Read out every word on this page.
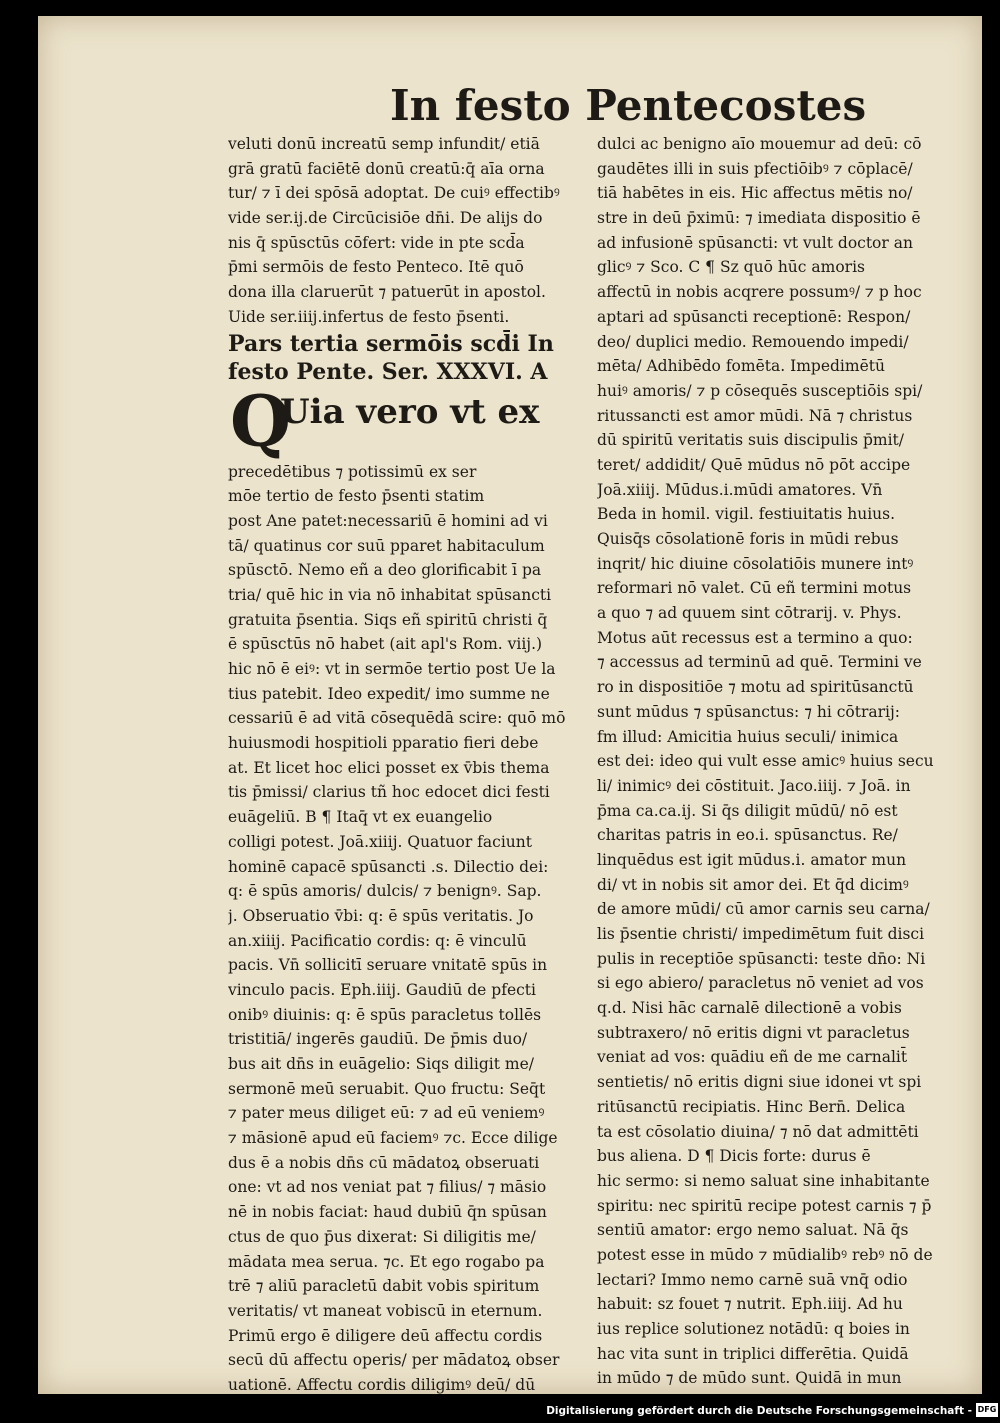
In festo Pentecostes
veluti donū increatū semp infundit/ etiā
grā gratū faciētē donū creatū:q̄ aīa orna
tur/ ⁊ ī dei spōsā adoptat. De cuiꝰ effectibꝰ
vide ser.ij.de Circūcisiōe dn̄i. De alijs do
nis q̄ spūsctūs cōfert: vide in pte scd̄a
p̄mi sermōis de festo Penteco. Itē quō
dona illa claruerūt ⁊ patuerūt in apostol.
Uide ser.iiij.infertus de festo p̄senti.
Pars tertia sermōis scd̄i In
festo Pente. Ser. XXXVI. A
Q
Uia vero vt ex
precedētibus ⁊ potissimū ex ser
mōe tertio de festo p̄senti statim
post Ane patet:necessariū ē homini ad vi
tā/ quatinus cor suū pparet habitaculum
spūsctō. Nemo eñ a deo glorificabit ī pa
tria/ quē hic in via nō inhabitat spūsancti
gratuita p̄sentia. Siqs eñ spiritū christi q̄
ē spūsctūs nō habet (ait apl's Rom. viij.)
hic nō ē eiꝰ: vt in sermōe tertio post Ue la
tius patebit. Ideo expedit/ imo summe ne
cessariū ē ad vitā cōsequēdā scire: quō mō
huiusmodi hospitioli pparatio fieri debe
at. Et licet hoc elici posset ex v̄bis thema
tis p̄missi/ clarius tñ hoc edocet dici festi
euāgeliū. B ¶ Itaq̄ vt ex euangelio
colligi potest. Joā.xiiij. Quatuor faciunt
hominē capacē spūsancti .s. Dilectio dei:
q: ē spūs amoris/ dulcis/ ⁊ benignꝰ. Sap.
j. Obseruatio v̄bi: q: ē spūs veritatis. Jo
an.xiiij. Pacificatio cordis: q: ē vinculū
pacis. Vn̄ sollicitī seruare vnitatē spūs in
vinculo pacis. Eph.iiij. Gaudiū de pfecti
onibꝰ diuinis: q: ē spūs paracletus tollēs
tristitiā/ ingerēs gaudiū. De p̄mis duo/
bus ait dn̄s in euāgelio: Siqs diligit me/
sermonē meū seruabit. Quo fructu: Seq̄t
⁊ pater meus diliget eū: ⁊ ad eū veniemꝰ
⁊ māsionē apud eū faciemꝰ ⁊c. Ecce dilige
dus ē a nobis dn̄s cū mādatoꝝ obseruati
one: vt ad nos veniat pat ⁊ filius/ ⁊ māsio
nē in nobis faciat: haud dubiū q̄n spūsan
ctus de quo p̄us dixerat: Si diligitis me/
mādata mea serua. ⁊c. Et ego rogabo pa
trē ⁊ aliū paracletū dabit vobis spiritum
veritatis/ vt maneat vobiscū in eternum.
Primū ergo ē diligere deū affectu cordis
secū dū affectu operis/ per mādatoꝝ obser
uationē. Affectu cordis diligimꝰ deū/ dū
dulci ac benigno aīo mouemur ad deū: cō
gaudētes illi in suis pfectiōibꝰ ⁊ cōplacē/
tiā habētes in eis. Hic affectus mētis no/
stre in deū p̄ximū: ⁊ imediata dispositio ē
ad infusionē spūsancti: vt vult doctor an
glicꝰ ⁊ Sco. C ¶ Sz quō hūc amoris
affectū in nobis acqrere possumꝰ/ ⁊ p hoc
aptari ad spūsancti receptionē: Respon/
deo/ duplici medio. Remouendo impedi/
mēta/ Adhibēdo fomēta. Impedimētū
huiꝰ amoris/ ⁊ p cōsequēs susceptiōis spi/
ritussancti est amor mūdi. Nā ⁊ christus
dū spiritū veritatis suis discipulis p̄mit/
teret/ addidit/ Quē mūdus nō pōt accipe
Joā.xiiij. Mūdus.i.mūdi amatores. Vn̄
Beda in homil. vigil. festiuitatis huius.
Quisq̄s cōsolationē foris in mūdi rebus
inqrit/ hic diuine cōsolatiōis munere intꝰ
reformari nō valet. Cū eñ termini motus
a quo ⁊ ad quuem sint cōtrarij. v. Phys.
Motus aūt recessus est a termino a quo:
⁊ accessus ad terminū ad quē. Termini ve
ro in dispositiōe ⁊ motu ad spiritūsanctū
sunt mūdus ⁊ spūsanctus: ⁊ hi cōtrarij:
fm illud: Amicitia huius seculi/ inimica
est dei: ideo qui vult esse amicꝰ huius secu
li/ inimicꝰ dei cōstituit. Jaco.iiij. ⁊ Joā. in
p̄ma ca.ca.ij. Si q̄s diligit mūdū/ nō est
charitas patris in eo.i. spūsanctus. Re/
linquēdus est igit mūdus.i. amator mun
di/ vt in nobis sit amor dei. Et q̄d dicimꝰ
de amore mūdi/ cū amor carnis seu carna/
lis p̄sentie christi/ impedimētum fuit disci
pulis in receptiōe spūsancti: teste dn̄o: Ni
si ego abiero/ paracletus nō veniet ad vos
q.d. Nisi hāc carnalē dilectionē a vobis
subtraxero/ nō eritis digni vt paracletus
veniat ad vos: quādiu eñ de me carnalit̄
sentietis/ nō eritis digni siue idonei vt spi
ritūsanctū recipiatis. Hinc Bern̄. Delica
ta est cōsolatio diuina/ ⁊ nō dat admittēti
bus aliena. D ¶ Dicis forte: durus ē
hic sermo: si nemo saluat sine inhabitante
spiritu: nec spiritū recipe potest carnis ⁊ p̄
sentiū amator: ergo nemo saluat. Nā q̄s
potest esse in mūdo ⁊ mūdialibꝰ rebꝰ nō de
lectari? Immo nemo carnē suā vnq̄ odio
habuit: sz fouet ⁊ nutrit. Eph.iiij. Ad hu
ius replice solutionez notādū: q boies in
hac vita sunt in triplici differētia. Quidā
in mūdo ⁊ de mūdo sunt. Quidā in mun
Digitalisierung gefördert durch die Deutsche Forschungsgemeinschaft - DFG
